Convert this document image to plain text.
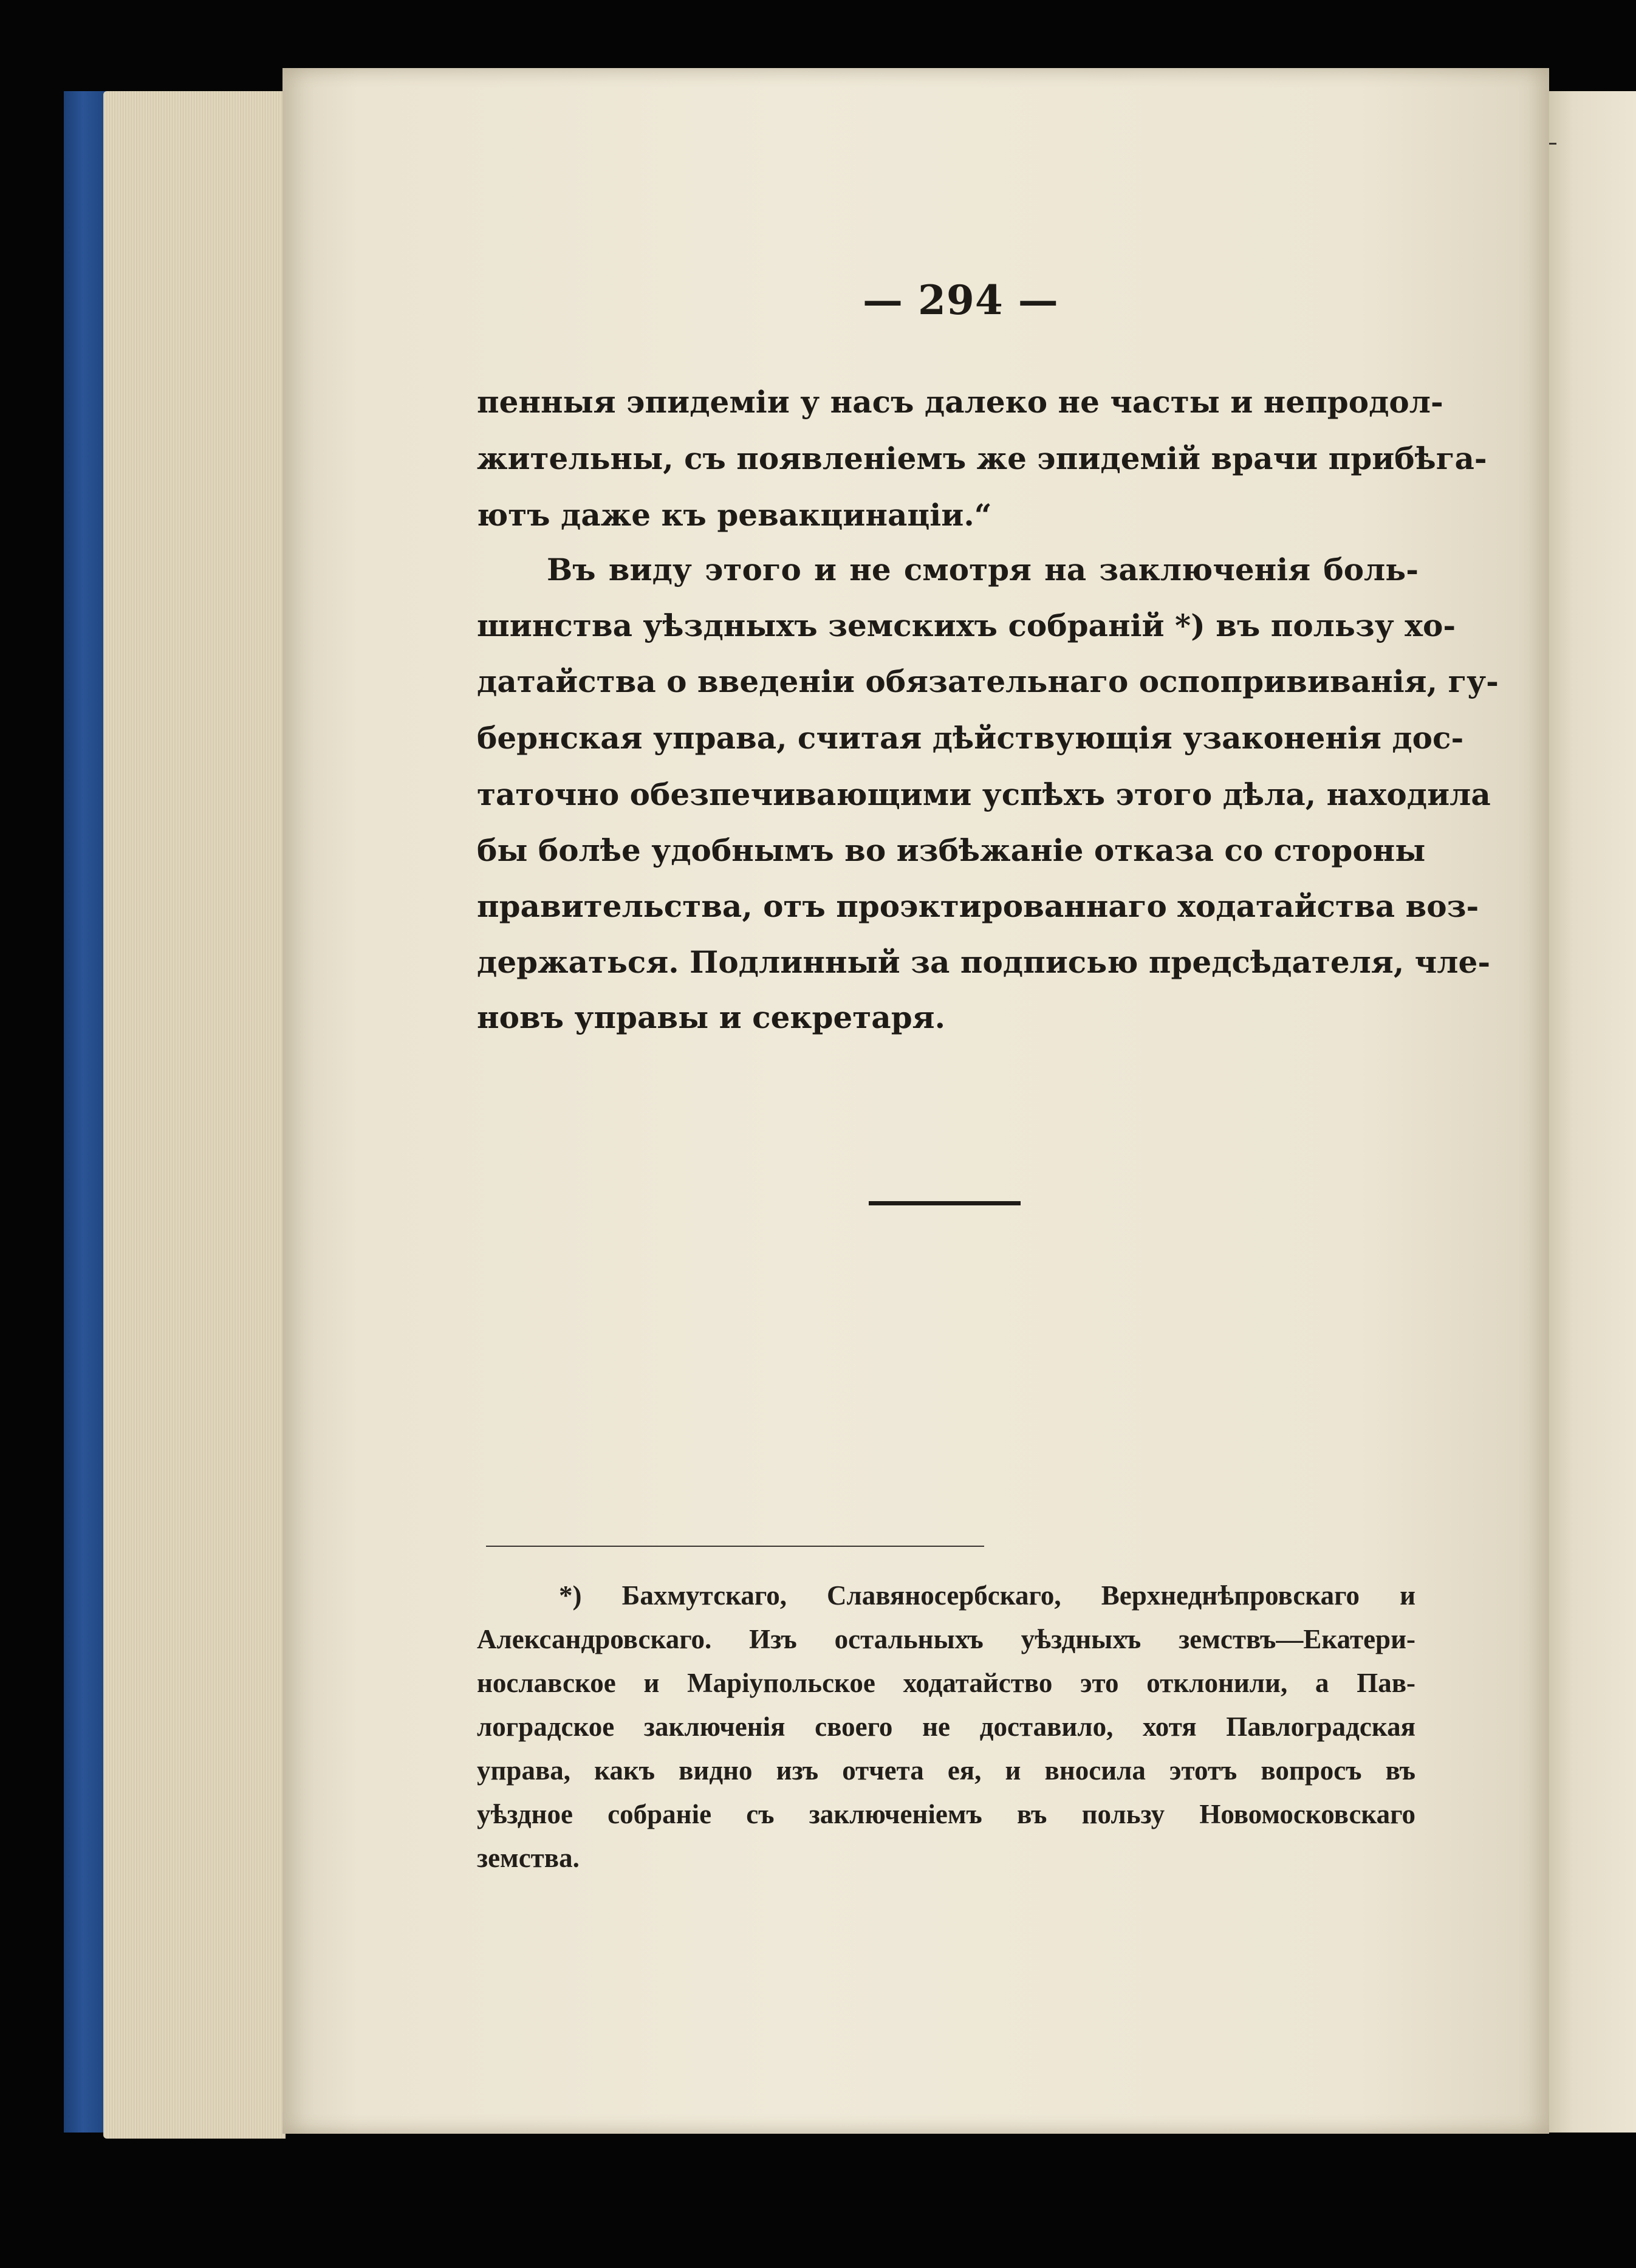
— 294 —
пенныя эпидеміи у насъ далеко не часты и непродол-
жительны, съ появленіемъ же эпидемій врачи прибѣга-
ютъ даже къ ревакцинаціи.“
Въ виду этого и не смотря на заключенія боль-
шинства уѣздныхъ земскихъ собраній *) въ пользу хо-
датайства о введеніи обязательнаго оспопрививанія, гу-
бернская управа, считая дѣйствующія узаконенія доc-
таточно обезпечивающими успѣхъ этого дѣла, находила
бы болѣе удобнымъ во избѣжаніе отказа со стороны
правительства, отъ проэктированнаго ходатайства воз-
держаться. Подлинный за подписью предсѣдателя, чле-
новъ управы и секретаря.
*) Бахмутскаго, Славяносербскаго, Верхнеднѣпровскаго и
Александровскаго. Изъ остальныхъ уѣздныхъ земствъ—Екатери-
нославское и Маріупольское ходатайство это отклонили, а Пав-
лоградское заключенія своего не доставило, хотя Павлоградская
управа, какъ видно изъ отчета ея, и вносила этотъ вопросъ въ
уѣздное собраніе съ заключеніемъ въ пользу Новомосковскаго
земства.
